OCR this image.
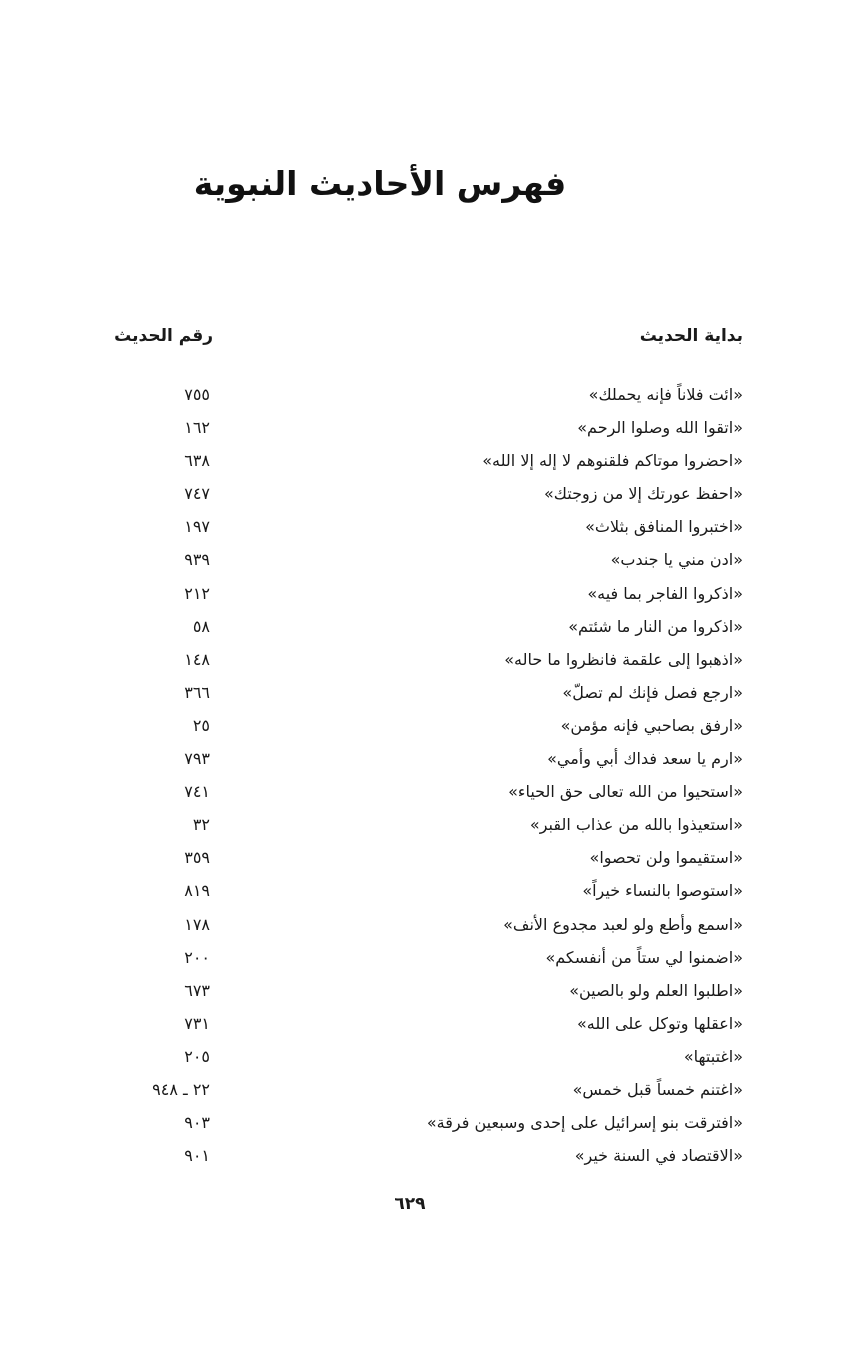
فهرس الأحاديث النبوية
بداية الحديث
رقم الحديث
«ائت فلاناً فإنه يحملك»
٧٥٥
«اتقوا الله وصلوا الرحم»
١٦٢
«احضروا موتاكم فلقنوهم لا إله إلا الله»
٦٣٨
«احفظ عورتك إلا من زوجتك»
٧٤٧
«اختبروا المنافق بثلاث»
١٩٧
«ادن مني يا جندب»
٩٣٩
«اذكروا الفاجر بما فيه»
٢١٢
«اذكروا من النار ما شئتم»
٥٨
«اذهبوا إلى علقمة فانظروا ما حاله»
١٤٨
«ارجع فصل فإنك لم تصلّ»
٣٦٦
«ارفق بصاحبي فإنه مؤمن»
٢٥
«ارم يا سعد فداك أبي وأمي»
٧٩٣
«استحيوا من الله تعالى حق الحياء»
٧٤١
«استعيذوا بالله من عذاب القبر»
٣٢
«استقيموا ولن تحصوا»
٣٥٩
«استوصوا بالنساء خيراً»
٨١٩
«اسمع وأطع ولو لعبد مجدوع الأنف»
١٧٨
«اضمنوا لي ستاً من أنفسكم»
٢٠٠
«اطلبوا العلم ولو بالصين»
٦٧٣
«اعقلها وتوكل على الله»
٧٣١
«اغتبتها»
٢٠٥
«اغتنم خمساً قبل خمس»
٢٢ ـ ٩٤٨
«افترقت بنو إسرائيل على إحدى وسبعين فرقة»
٩٠٣
«الاقتصاد في السنة خير»
٩٠١
٦٢٩
